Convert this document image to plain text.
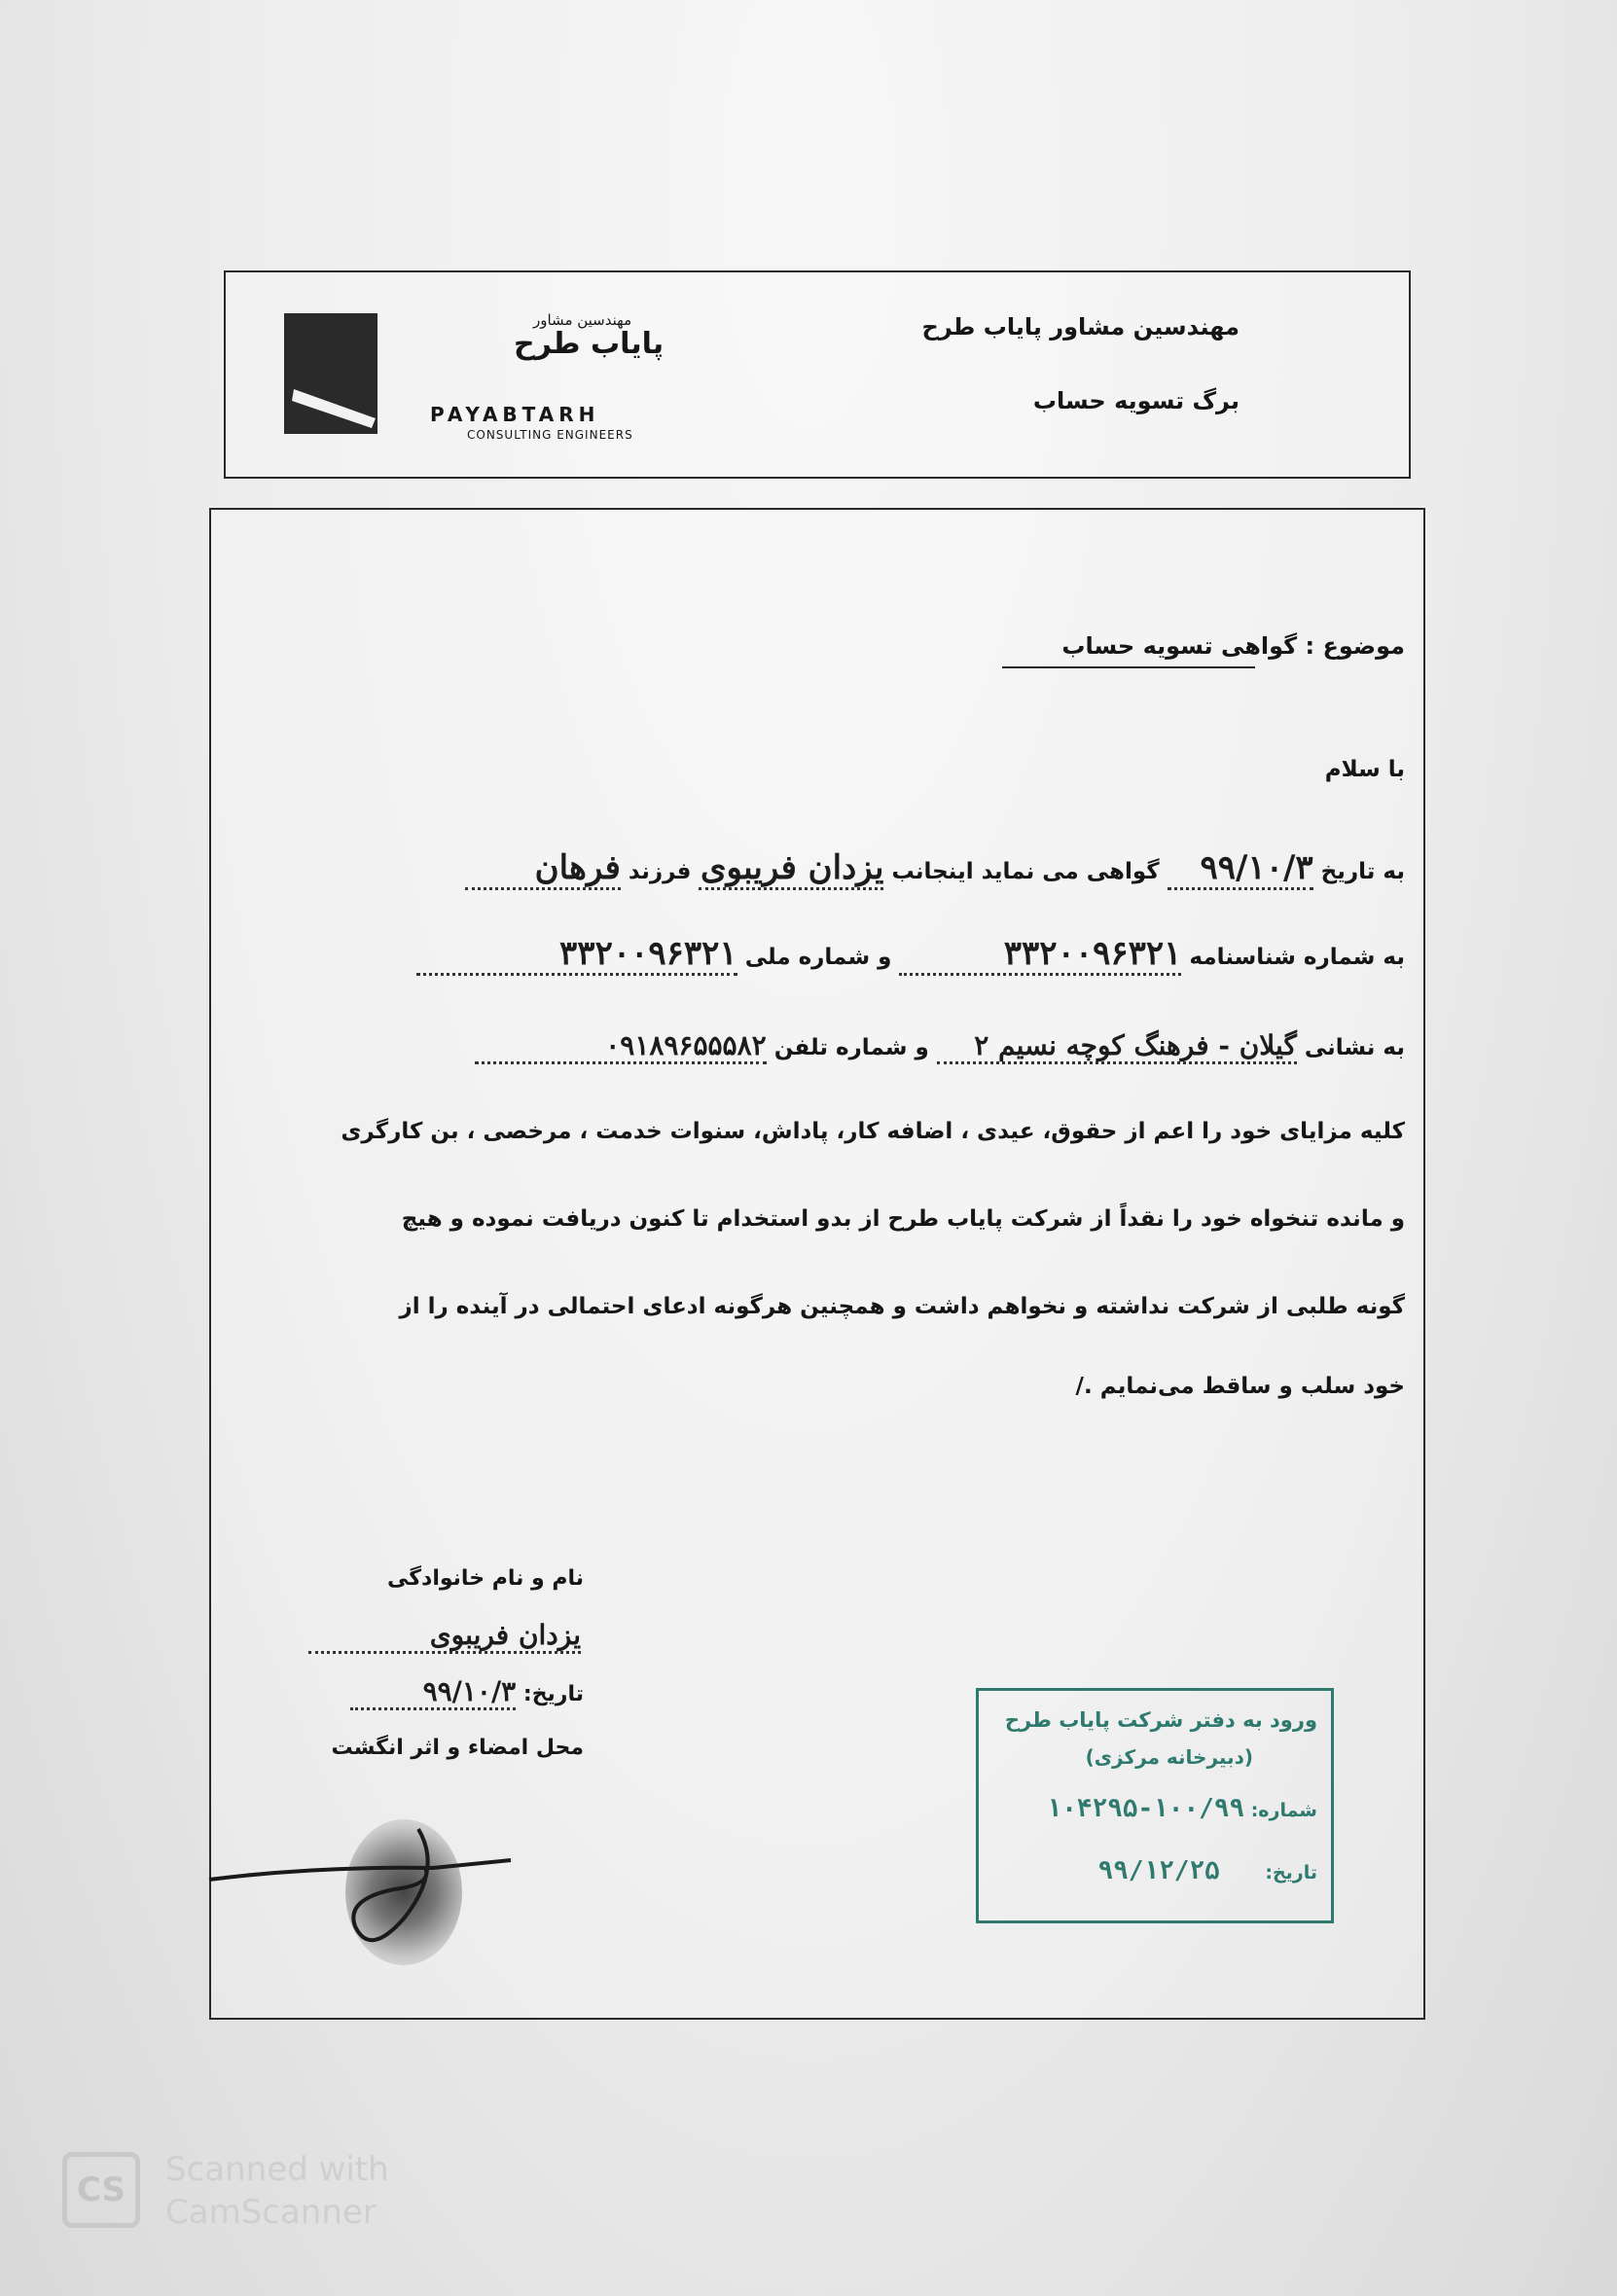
مهندسین مشاور
پایاب طرح
PAYABTARH
CONSULTING ENGINEERS
مهندسین مشاور پایاب طرح
برگ تسویه حساب
موضوع : گواهی تسویه حساب
با سلام
به تاریخ ۹۹/۱۰/۳ گواهی می نماید اینجانب یزدان فریبوی فرزند فرهان
به شماره شناسنامه ۳۳۲۰۰۹۶۳۲۱ و شماره ملی ۳۳۲۰۰۹۶۳۲۱
به نشانی گیلان - فرهنگ کوچه نسیم ۲ و شماره تلفن ۰۹۱۸۹۶۵۵۵۸۲
کلیه مزایای خود را اعم از حقوق، عیدی ، اضافه کار، پاداش، سنوات خدمت ، مرخصی ، بن کارگری
و مانده تنخواه خود را نقداً از شرکت پایاب طرح از بدو استخدام تا کنون دریافت نموده و هیچ
گونه طلبی از شرکت نداشته و نخواهم داشت و همچنین هرگونه ادعای احتمالی در آینده را از
خود سلب و ساقط می‌نمایم ./
نام و نام خانوادگی
یزدان فریبوی
تاریخ: ۹۹/۱۰/۳
محل امضاء و اثر انگشت
ورود به دفتر شرکت پایاب طرح
(دبیرخانه مرکزی)
شماره: ۱۰۰/۹۹-۱۰۴۲۹۵
تاریخ: ۹۹/۱۲/۲۵
CS
Scanned with
CamScanner
